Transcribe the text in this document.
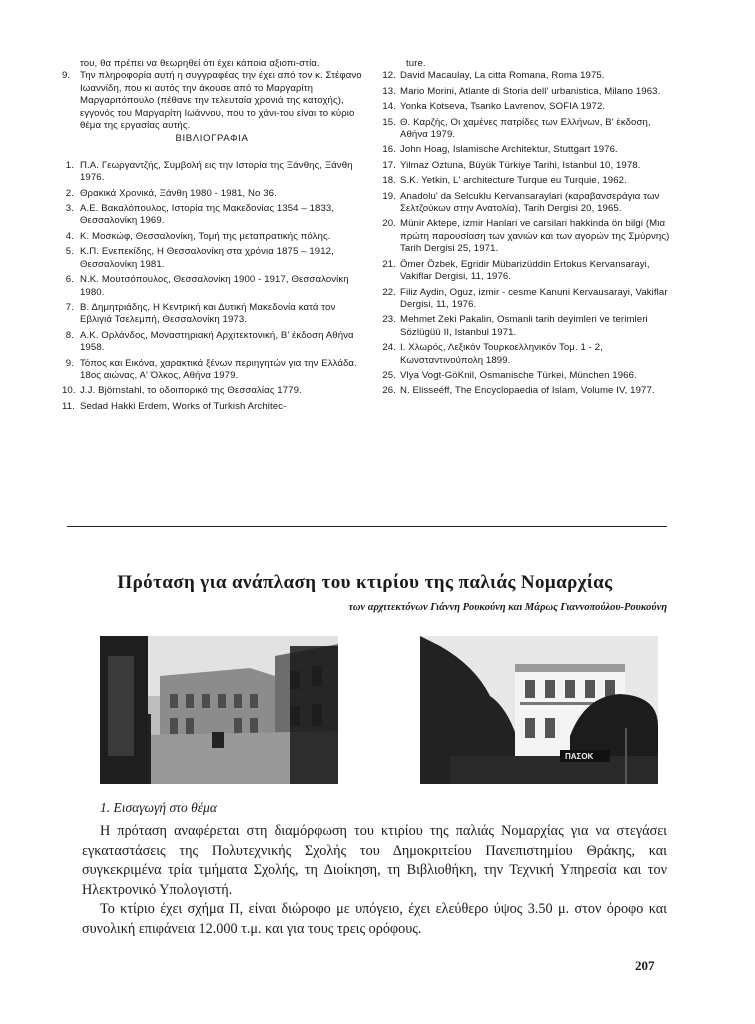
του, θα πρέπει να θεωρηθεί ότι έχει κάποια αξιοπι-στία.
9. Την πληροφορία αυτή η συγγραφέας την έχει από τον κ. Στέφανο Ιωαννίδη, που κι αυτός την άκουσε από το Μαργαρίτη Μαργαριτόπουλο (πέθανε την τελευταία χρονιά της κατοχής), εγγονός του Μαργαρίτη Ιωάννου, που το χάνι-του είναι το κύριο θέμα της εργασίας αυτής.
ΒΙΒΛΙΟΓΡΑΦΙΑ
1. Π.Α. Γεωργαντζής, Συμβολή εις την Ιστορία της Ξάνθης, Ξάνθη 1976.
2. Θρακικά Χρονικά, Ξάνθη 1980 - 1981, No 36.
3. Α.Ε. Βακαλόπουλος, Ιστορία της Μακεδονίας 1354 – 1833, Θεσσαλονίκη 1969.
4. Κ. Μοσκώφ, Θεσσαλονίκη, Τομή της μεταπρατικής πόλης.
5. Κ.Π. Ενεπεκίδης, Η Θεσσαλονίκη στα χρόνια 1875 – 1912, Θεσσαλονίκη 1981.
6. Ν.Κ. Μουτσόπουλος, Θεσσαλονίκη 1900 - 1917, Θεσσαλονίκη 1980.
7. Β. Δημητριάδης, Η Κεντρική και Δυτική Μακεδονία κατά τον Εβλιγιά Τσελεμπή, Θεσσαλονίκη 1973.
8. Α.Κ. Ορλάνδος, Μοναστηριακή Αρχιτεκτονική, Β' έκδοση Αθήνα 1958.
9. Τόπος και Εικόνα, χαρακτικά ξένων περιηγητών για την Ελλάδα. 18ος αιώνας, Α' Όλκος, Αθήνα 1979.
10. J.J. Björnstahl, το οδοιπορικό της Θεσσαλίας 1779.
11. Sedad Hakki Erdem, Works of Turkish Architec-
ture.
12. David Macaulay, La citta Romana, Roma 1975.
13. Mario Morini, Atlante di Storia dell' urbanistica, Milano 1963.
14. Yonka Kotseva, Tsanko Lavrenov, SOFIA 1972.
15. Θ. Καρζής, Οι χαμένες πατρίδες των Ελλήνων, Β' έκδοση, Αθήνα 1979.
16. John Hoag, Islamische Architektur, Stuttgart 1976.
17. Yilmaz Oztuna, Büyük Türkiye Tarihi, Istanbul 10, 1978.
18. S.K. Yetkin, L' architecture Turque eu Turquie, 1962.
19. Anadolu' da Selcuklu Kervansaraylari (καραβανσεράγια των Σελτζούκων στην Ανατολία), Tarih Dergisi 20, 1965.
20. Münir Aktepe, izmir Hanlari ve carsilari hakkinda ön bilgi (Μια πρώτη παρουσίαση των χανιών και των αγορών της Σμύρνης) Tarih Dergisi 25, 1971.
21. Ömer Özbek, Egridir Mübarizüddin Ertokus Kervansarayi, Vakiflar Dergisi, 11, 1976.
22. Filiz Aydin, Oguz, izmir - cesme Kanuni Kervausarayi, Vakiflar Dergisi, 11, 1976.
23. Mehmet Zeki Pakalin, Osmanli tarih deyimleri ve terimleri Sözlügüü II, Istanbul 1971.
24. Ι. Χλωρός, Λεξικόν Τουρκοελληνικόν Τομ. 1 - 2, Κωνσταντινούπολη 1899.
25. Vlya Vogt-GöKnil, Osmanische Türkei, München 1966.
26. N. Elisseéff, The Encyclopaedia of Islam, Volume IV, 1977.
Πρόταση για ανάπλαση του κτιρίου της παλιάς Νομαρχίας
των αρχιτεκτόνων Γιάννη Ρουκούνη και Μάρως Γιαννοπούλου-Ρουκούνη
ΠΑΣΟΚ
1. Εισαγωγή στο θέμα

Η πρόταση αναφέρεται στη διαμόρφωση του κτιρίου της παλιάς Νομαρχίας για να στεγάσει εγκαταστάσεις της Πολυτεχνικής Σχολής του Δημοκριτείου Πανεπιστημίου Θράκης, και συγκεκριμένα τρία τμήματα Σχολής, τη Διοίκηση, τη Βιβλιοθήκη, την Τεχνική Υπηρεσία και τον Ηλεκτρονικό Υπολογιστή.

Το κτίριο έχει σχήμα Π, είναι διώροφο με υπόγειο, έχει ελεύθερο ύψος 3.50 μ. στον όροφο και συνολική επιφάνεια 12.000 τ.μ. και για τους τρεις ορόφους.

207
